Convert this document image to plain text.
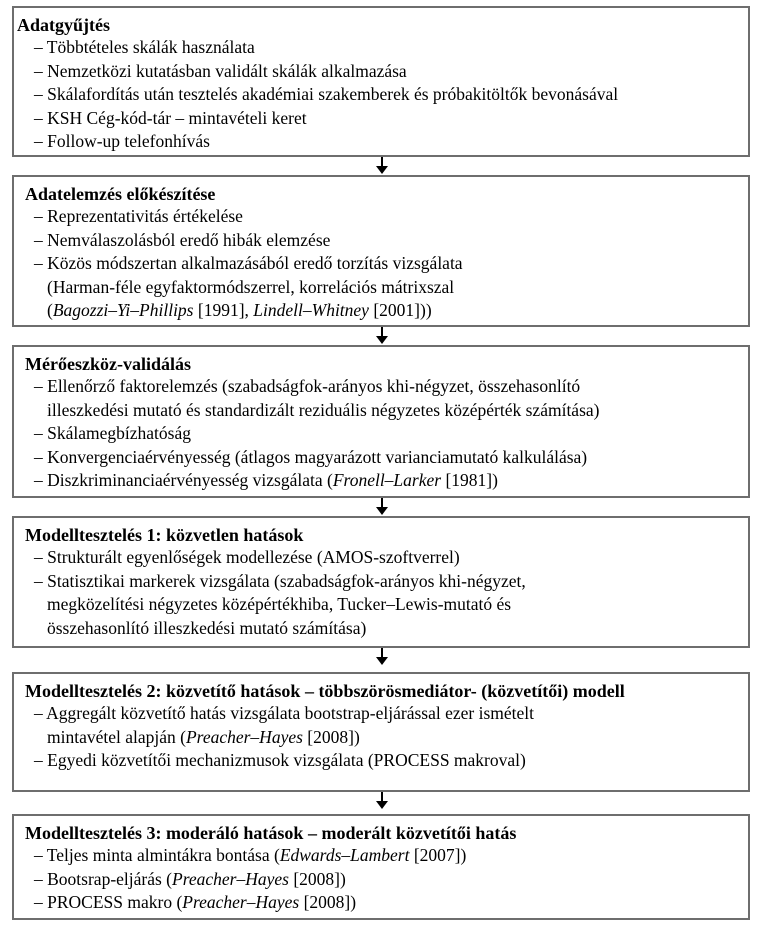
Adatgyűjtés
– Többtételes skálák használata
– Nemzetközi kutatásban validált skálák alkalmazása
– Skálafordítás után tesztelés akadémiai szakemberek és próbakitöltők bevonásával
– KSH Cég-kód-tár – mintavételi keret
– Follow-up telefonhívás
Adatelemzés előkészítése
– Reprezentativitás értékelése
– Nemválaszolásból eredő hibák elemzése
– Közös módszertan alkalmazásából eredő torzítás vizsgálata
(Harman-féle egyfaktormódszerrel, korrelációs mátrixszal
(Bagozzi–Yi–Phillips [1991], Lindell–Whitney [2001]))
Mérőeszköz-validálás
– Ellenőrző faktorelemzés (szabadságfok-arányos khi-négyzet, összehasonlító
illeszkedési mutató és standardizált reziduális négyzetes középérték számítása)
– Skálamegbízhatóság
– Konvergenciaérvényesség (átlagos magyarázott varianciamutató kalkulálása)
– Diszkriminanciaérvényesség vizsgálata (Fronell–Larker [1981])
Modelltesztelés 1: közvetlen hatások
– Strukturált egyenlőségek modellezése (AMOS-szoftverrel)
– Statisztikai markerek vizsgálata (szabadságfok-arányos khi-négyzet,
megközelítési négyzetes középértékhiba, Tucker–Lewis-mutató és
összehasonlító illeszkedési mutató számítása)
Modelltesztelés 2: közvetítő hatások – többszörösmediátor- (közvetítői) modell
– Aggregált közvetítő hatás vizsgálata bootstrap-eljárással ezer ismételt
mintavétel alapján (Preacher–Hayes [2008])
– Egyedi közvetítői mechanizmusok vizsgálata (PROCESS makroval)
Modelltesztelés 3: moderáló hatások – moderált közvetítői hatás
– Teljes minta almintákra bontása (Edwards–Lambert [2007])
– Bootsrap-eljárás (Preacher–Hayes [2008])
– PROCESS makro (Preacher–Hayes [2008])
